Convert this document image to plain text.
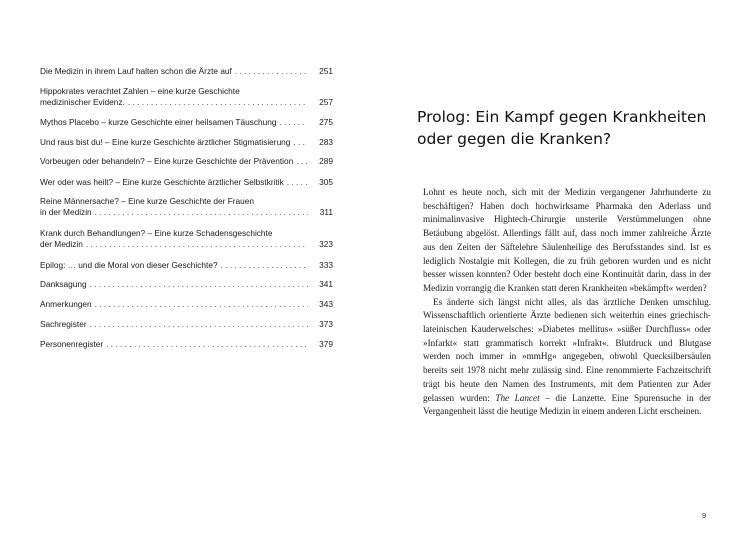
Die Medizin in ihrem Lauf halten schon die Ärzte auf . . .	251
Hippokrates verachtet Zahlen – eine kurze Geschichte
medizinischer Evidenz. . . .	257
Mythos Placebo – kurze Geschichte einer heilsamen Täuschung . . .	275
Und raus bist du! – Eine kurze Geschichte ärztlicher Stigmatisierung . . .	283
Vorbeugen oder behandeln? – Eine kurze Geschichte der Prävention . . .	289
Wer oder was heilt? – Eine kurze Geschichte ärztlicher Selbstkritik . . .	305
Reine Männersache? – Eine kurze Geschichte der Frauen
in der Medizin . . .	311
Krank durch Behandlungen? – Eine kurze Schadensgeschichte
der Medizin . . .	323
Epilog: … und die Moral von dieser Geschichte? . . .	333
Danksagung . . .	341
Anmerkungen . . .	343
Sachregister . . .	373
Personenregister . . .	379
Prolog: Ein Kampf gegen Krankheiten oder gegen die Kranken?

Lohnt es heute noch, sich mit der Medizin vergangener Jahrhunderte zu beschäftigen? Haben doch hochwirksame Pharmaka den Aderlass und minimalinvasive Hightech-Chirurgie unsterile Verstümmelungen ohne Betäubung abgelöst. Allerdings fällt auf, dass noch immer zahlreiche Ärzte aus den Zeiten der Säftelehre Säulenheilige des Berufsstandes sind. Ist es lediglich Nostalgie mit Kollegen, die zu früh geboren wurden und es nicht besser wissen konnten? Oder besteht doch eine Kontinuität darin, dass in der Medizin vorrangig die Kranken statt deren Krankheiten »bekämpft« werden?

Es änderte sich längst nicht alles, als das ärztliche Denken umschlug. Wissenschaftlich orientierte Ärzte bedienen sich weiterhin eines griechisch-lateinischen Kauderwelsches: »Diabetes mellitus« »süßer Durchfluss« oder »Infarkt« statt grammatisch korrekt »Infrakt«. Blutdruck und Blutgase werden noch immer in »mmHg« angegeben, obwohl Quecksilbersäulen bereits seit 1978 nicht mehr zulässig sind. Eine renommierte Fachzeitschrift trägt bis heute den Namen des Instruments, mit dem Patienten zur Ader gelassen wurden: The Lancet – die Lanzette. Eine Spurensuche in der Vergangenheit lässt die heutige Medizin in einem anderen Licht erscheinen.

9
